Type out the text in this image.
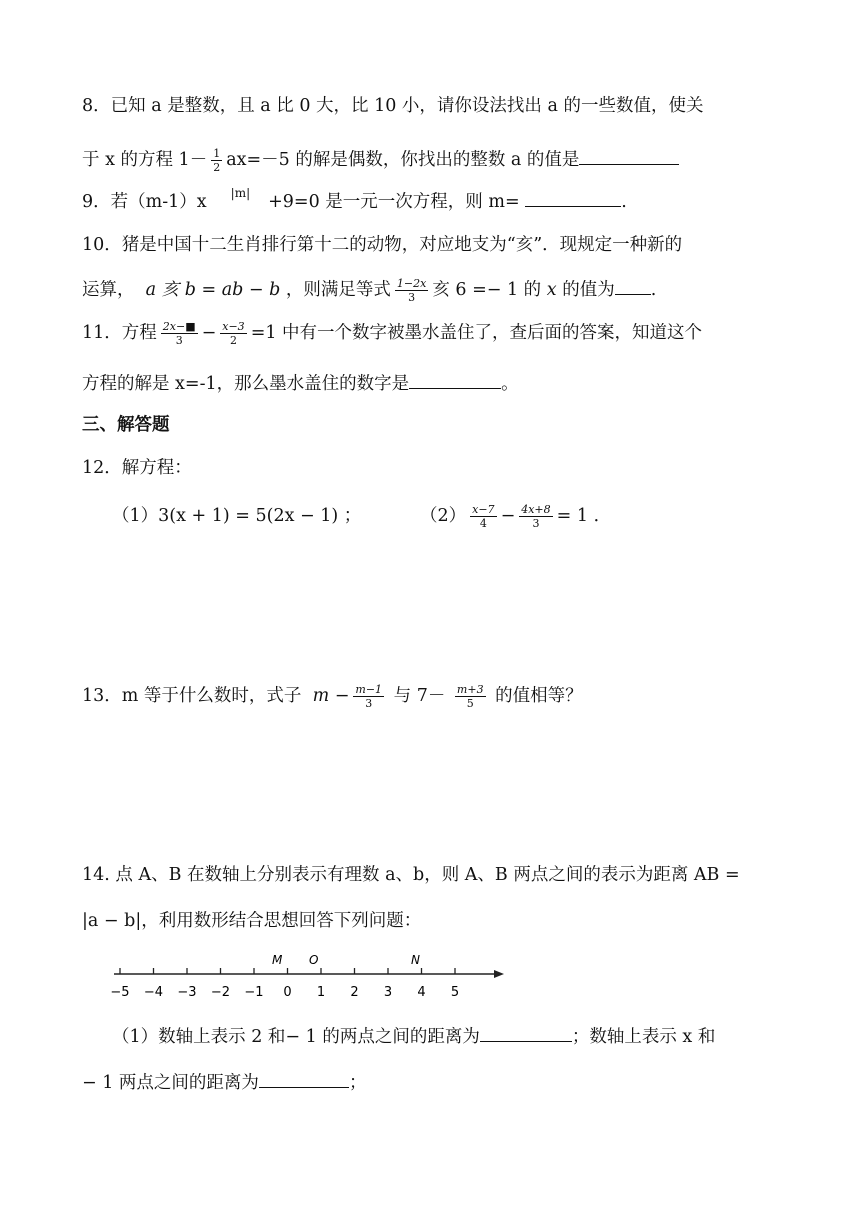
8．已知 a 是整数，且 a 比 0 大，比 10 小，请你设法找出 a 的一些数值，使关
于 x 的方程 $1- \frac{1}{2} ax=-5$ 的解是偶数，你找出的整数 a 的值是
9．若（m-1）x $^{|m|}$ +9=0 是一元一次方程，则 m=	.
10．猪是中国十二生肖排行第十二的动物，对应地支为“亥”．现规定一种新的
运算， a 亥 b = ab − b ，则满足等式 $\frac{1-2x}{3}$ 亥 6 =− 1 的 x 的值为 .
11．方程 $\frac{2x-■}{3} - \frac{x-3}{2} =1$ 中有一个数字被墨水盖住了，查后面的答案，知道这个
方程的解是 x=-1，那么墨水盖住的数字是	。
三、解答题
12．解方程：
（1）3(x + 1) = 5(2x − 1) ；	$(2) \frac{x-7}{4} - \frac{4x+8}{3} = 1$ ．
13．m 等于什么数时，式子 $m - \frac{m-1}{3}$ 与 $7- \frac{m+3}{5}$ 的值相等？
14. 点 A、B 在数轴上分别表示有理数 a、b，则 A、B 两点之间的表示为距离 AB =
|a − b|，利用数形结合思想回答下列问题：
−5 −4 −3 −2 −1 0 1 2 3 4 5
M O	N
（1）数轴上表示 2 和− 1 的两点之间的距离为	；数轴上表示 x 和
− 1 两点之间的距离为	；
